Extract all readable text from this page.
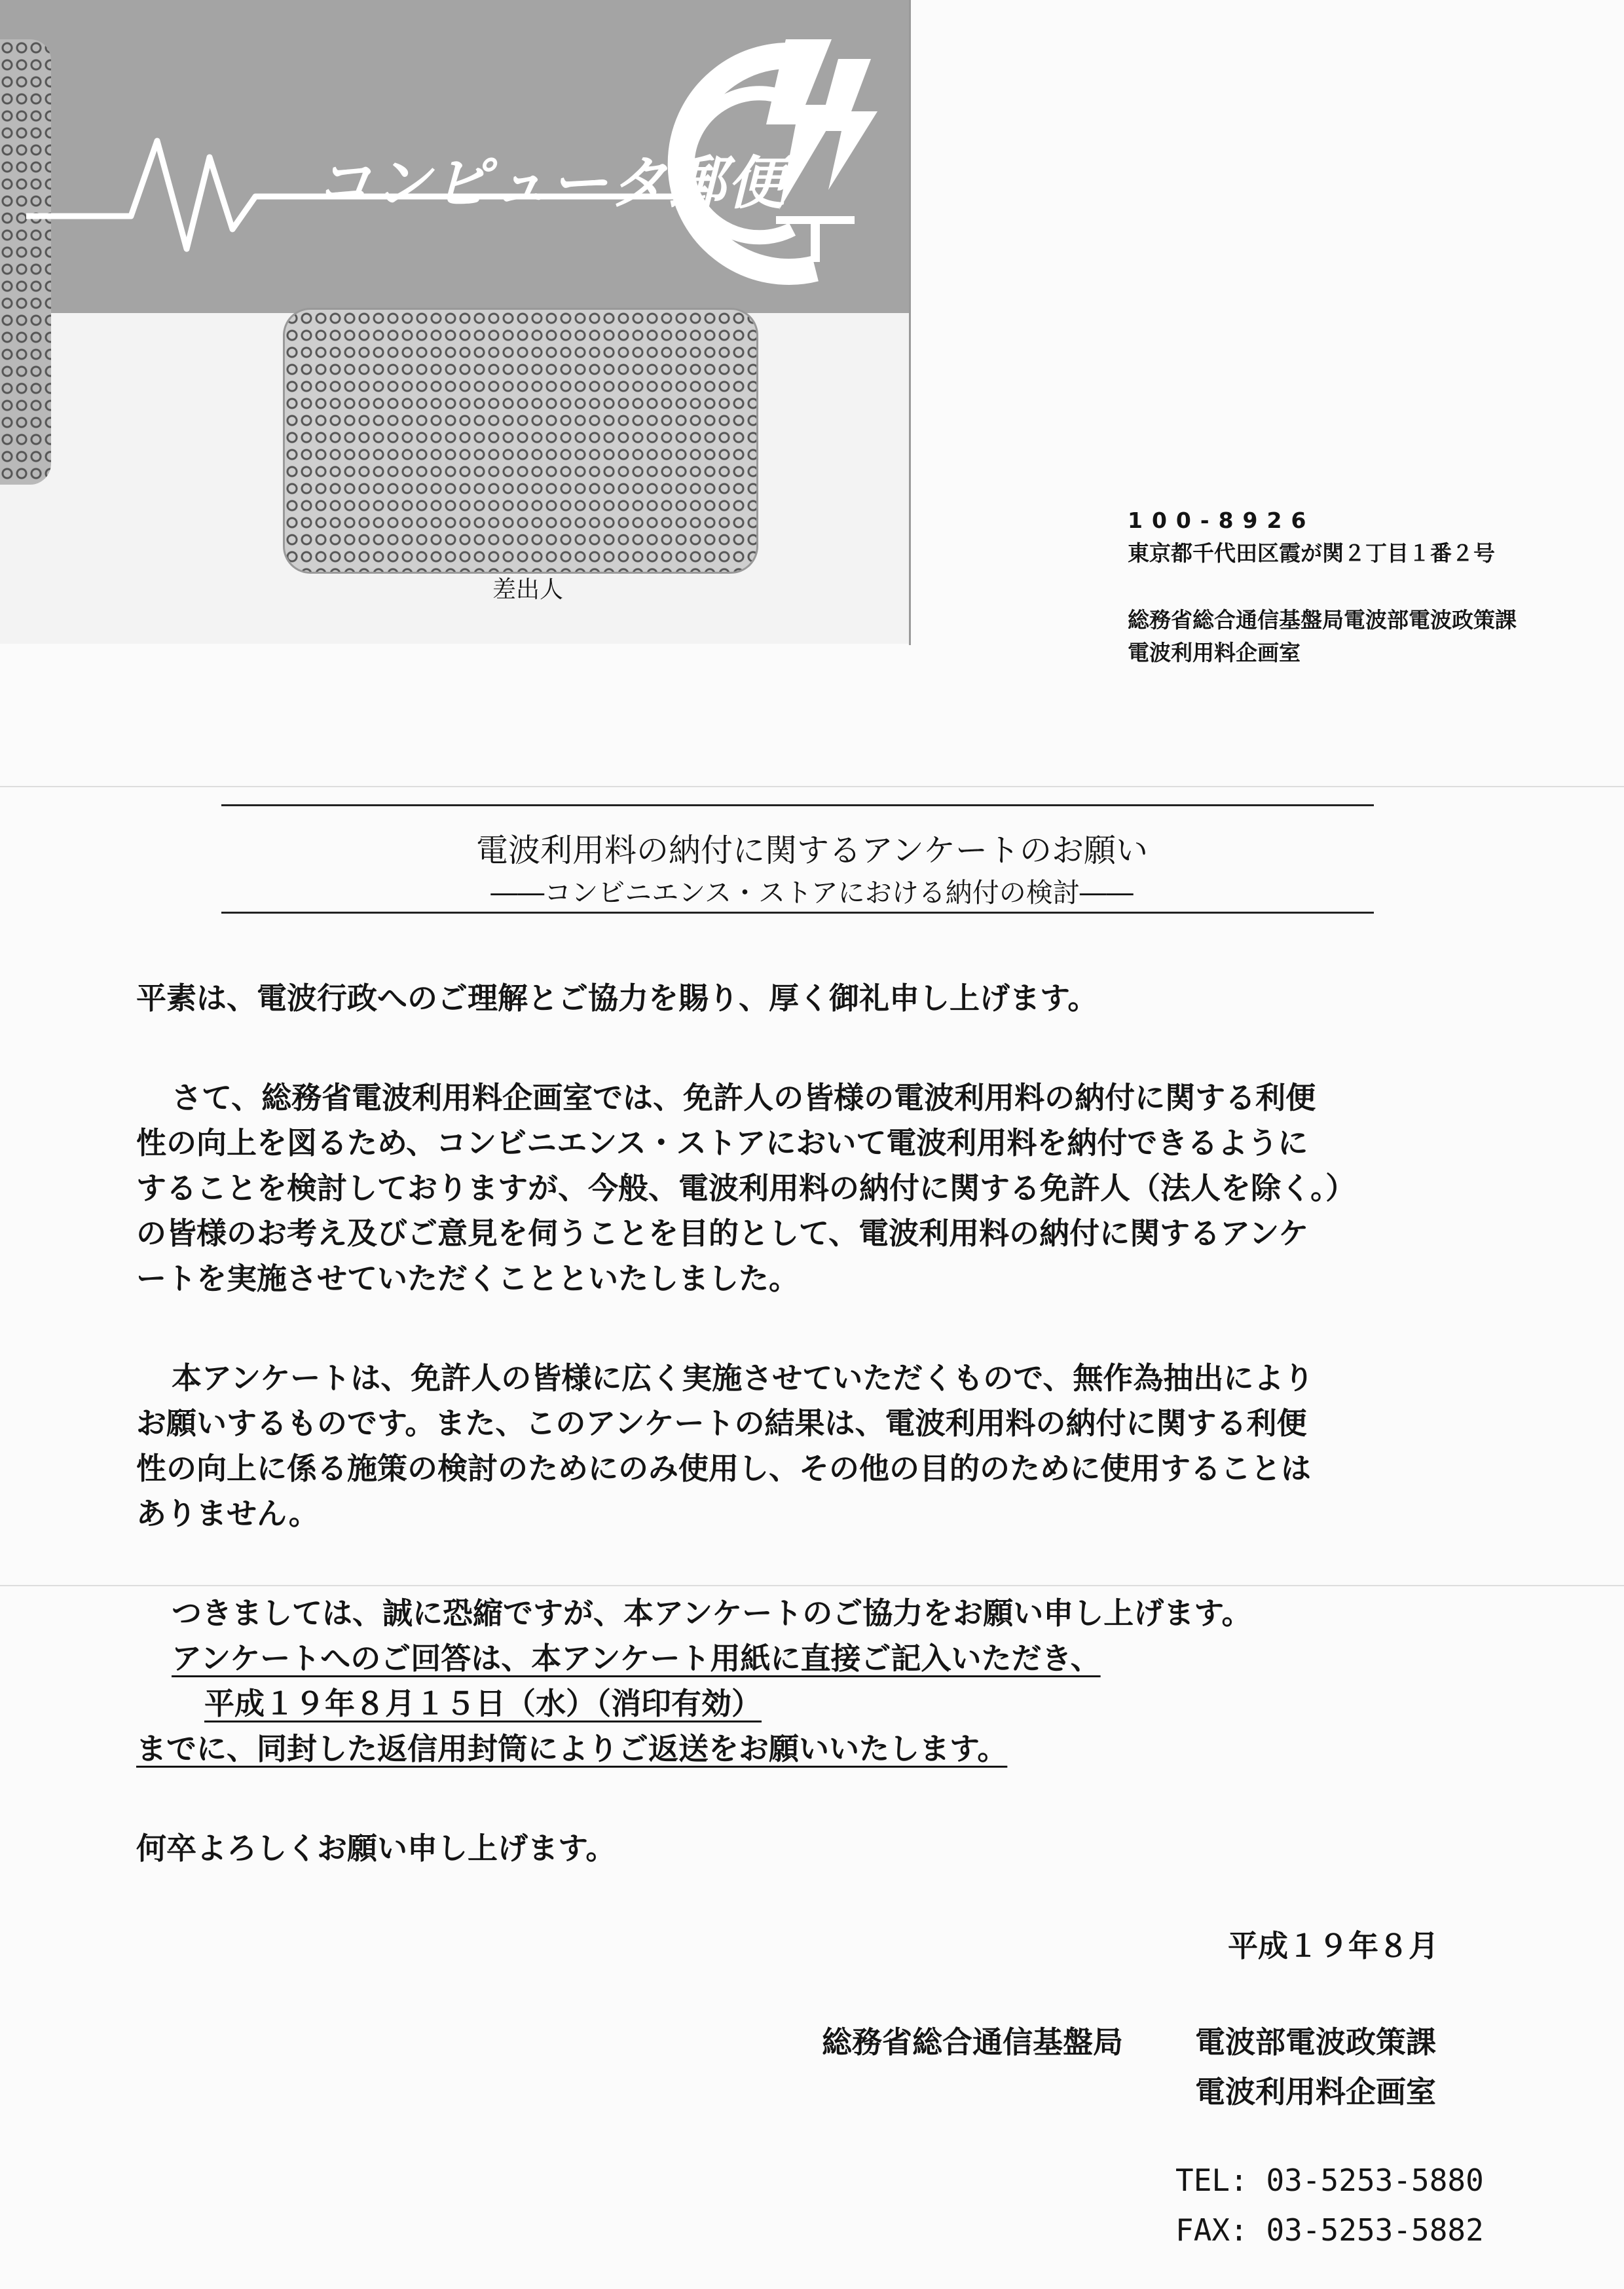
コンピュータ郵便
差出人
100-8926
東京都千代田区霞が関２丁目１番２号
総務省総合通信基盤局電波部電波政策課
電波利用料企画室
電波利用料の納付に関するアンケートのお願い
――コンビニエンス・ストアにおける納付の検討――
平素は、電波行政へのご理解とご協力を賜り、厚く御礼申し上げます。
さて、総務省電波利用料企画室では、免許人の皆様の電波利用料の納付に関する利便
性の向上を図るため、コンビニエンス・ストアにおいて電波利用料を納付できるように
することを検討しておりますが、今般、電波利用料の納付に関する免許人（法人を除く。）
の皆様のお考え及びご意見を伺うことを目的として、電波利用料の納付に関するアンケ
ートを実施させていただくことといたしました。
本アンケートは、免許人の皆様に広く実施させていただくもので、無作為抽出により
お願いするものです。また、このアンケートの結果は、電波利用料の納付に関する利便
性の向上に係る施策の検討のためにのみ使用し、その他の目的のために使用することは
ありません。
つきましては、誠に恐縮ですが、本アンケートのご協力をお願い申し上げます。
アンケートへのご回答は、本アンケート用紙に直接ご記入いただき、
平成１９年８月１５日（水）（消印有効）
までに、同封した返信用封筒によりご返送をお願いいたします。
何卒よろしくお願い申し上げます。
平成１９年８月
総務省総合通信基盤局 電波部電波政策課
電波利用料企画室
TEL: 03-5253-5880
FAX: 03-5253-5882
